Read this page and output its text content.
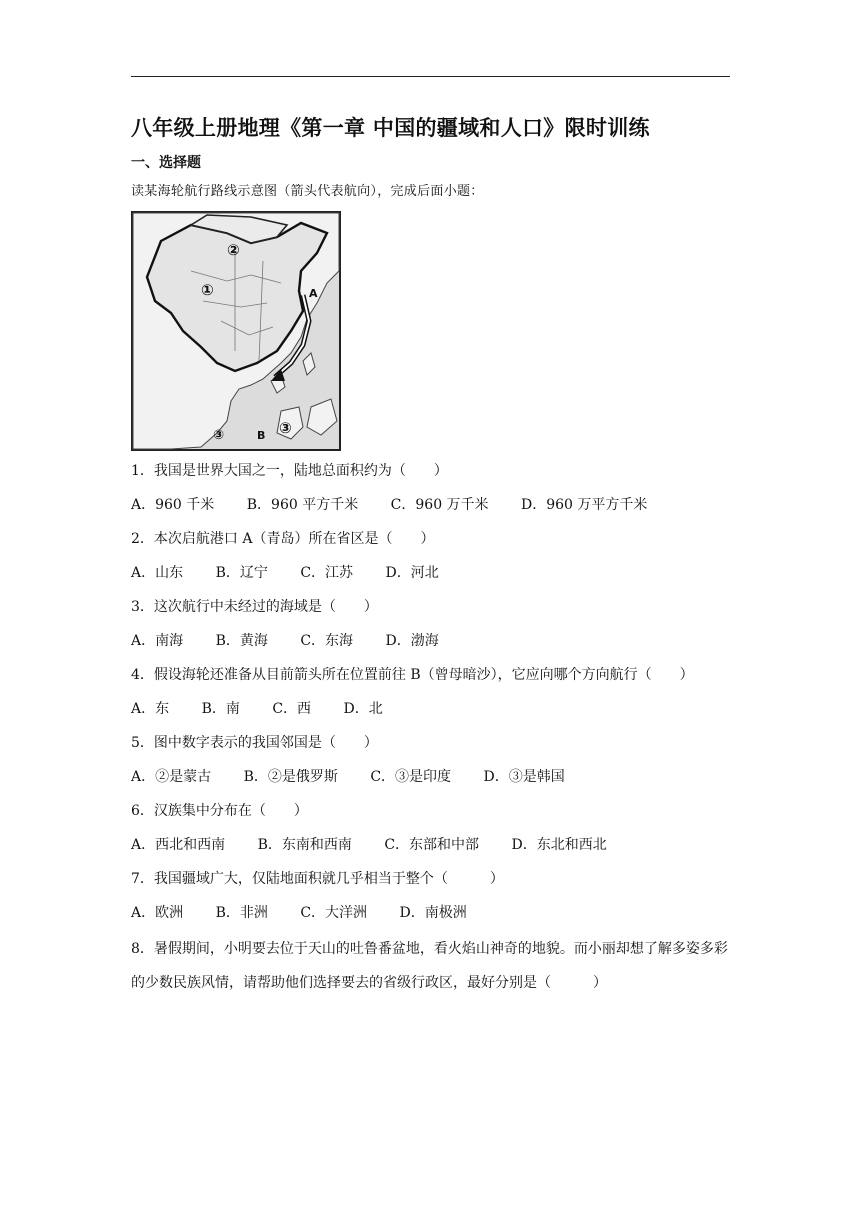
八年级上册地理《第一章 中国的疆域和人口》限时训练
一、选择题
读某海轮航行路线示意图（箭头代表航向），完成后面小题：
②
①	A
③	B ③
1．我国是世界大国之一，陆地总面积约为（　　）
A．960 千米 B．960 平方千米 C．960 万千米 D．960 万平方千米
2．本次启航港口 A（青岛）所在省区是（　　）
A．山东 B．辽宁 C．江苏 D．河北
3．这次航行中未经过的海域是（　　）
A．南海 B．黄海 C．东海 D．渤海
4．假设海轮还准备从目前箭头所在位置前往 B（曾母暗沙），它应向哪个方向航行（　　）
A．东 B．南 C．西 D．北
5．图中数字表示的我国邻国是（　　）
A．②是蒙古 B．②是俄罗斯 C．③是印度 D．③是韩国
6．汉族集中分布在（　　）
A．西北和西南 B．东南和西南 C．东部和中部 D．东北和西北
7．我国疆域广大，仅陆地面积就几乎相当于整个（　　　）
A．欧洲 B．非洲 C．大洋洲 D．南极洲
8．暑假期间，小明要去位于天山的吐鲁番盆地，看火焰山神奇的地貌。而小丽却想了解多姿多彩的少数民族风情，请帮助他们选择要去的省级行政区，最好分别是（　　　）
